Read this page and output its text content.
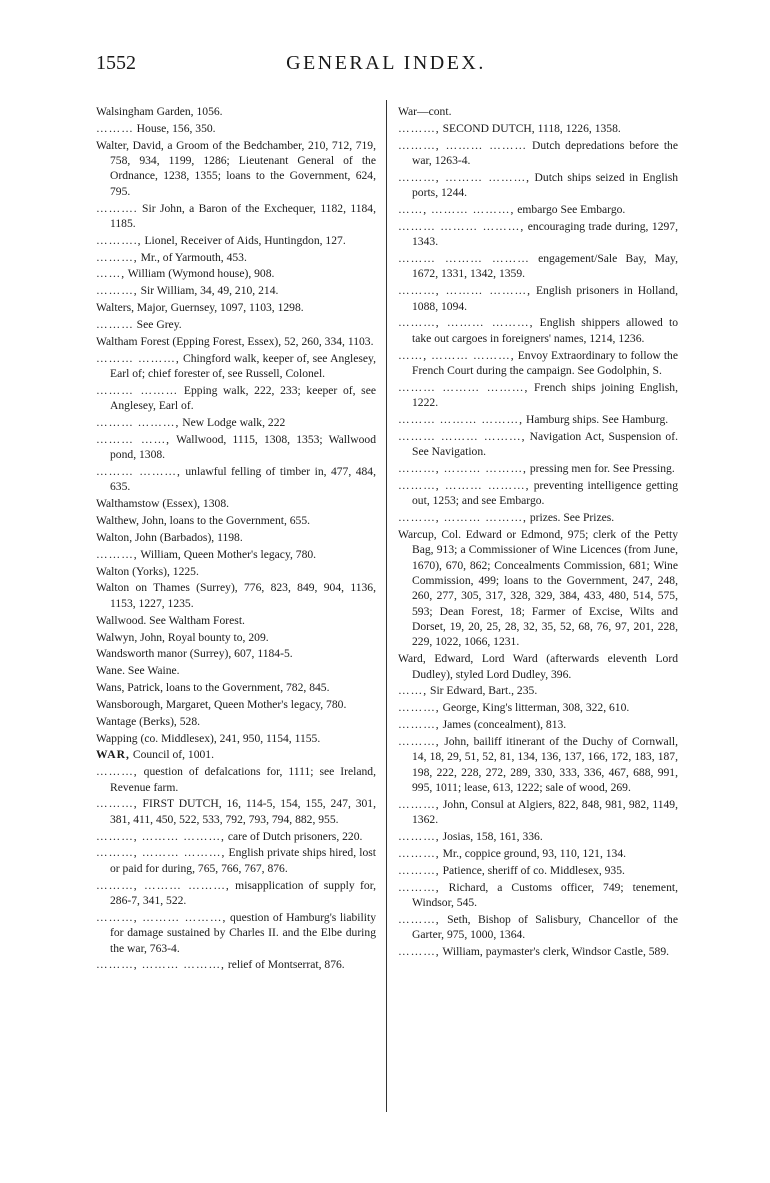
1552	GENERAL INDEX.

Walsingham Garden, 1056.

……… House, 156, 350.

Walter, David, a Groom of the Bedchamber, 210, 712, 719, 758, 934, 1199, 1286; Lieutenant General of the Ordnance, 1238, 1355; loans to the Government, 624, 795.

………. Sir John, a Baron of the Exchequer, 1182, 1184, 1185.

………., Lionel, Receiver of Aids, Huntingdon, 127.

………, Mr., of Yarmouth, 453.

……, William (Wymond house), 908.

………, Sir William, 34, 49, 210, 214.

Walters, Major, Guernsey, 1097, 1103, 1298.

……… See Grey.

Waltham Forest (Epping Forest, Essex), 52, 260, 334, 1103.

……… ………, Chingford walk, keeper of, see Anglesey, Earl of; chief forester of, see Russell, Colonel.

……… ……… Epping walk, 222, 233; keeper of, see Anglesey, Earl of.

……… ………, New Lodge walk, 222

……… ……, Wallwood, 1115, 1308, 1353; Wallwood pond, 1308.

……… ………, unlawful felling of timber in, 477, 484, 635.

Walthamstow (Essex), 1308.

Walthew, John, loans to the Government, 655.

Walton, John (Barbados), 1198.

………, William, Queen Mother's legacy, 780.

Walton (Yorks), 1225.

Walton on Thames (Surrey), 776, 823, 849, 904, 1136, 1153, 1227, 1235.

Wallwood. See Waltham Forest.

Walwyn, John, Royal bounty to, 209.

Wandsworth manor (Surrey), 607, 1184-5.

Wane. See Waine.

Wans, Patrick, loans to the Government, 782, 845.

Wansborough, Margaret, Queen Mother's legacy, 780.

Wantage (Berks), 528.

Wapping (co. Middlesex), 241, 950, 1154, 1155.

WAR, Council of, 1001.

………, question of defalcations for, 1111; see Ireland, Revenue farm.

………, FIRST DUTCH, 16, 114-5, 154, 155, 247, 301, 381, 411, 450, 522, 533, 792, 793, 794, 882, 955.

………, ……… ………, care of Dutch prisoners, 220.

………, ……… ………, English private ships hired, lost or paid for during, 765, 766, 767, 876.

………, ……… ………, misapplication of supply for, 286-7, 341, 522.

………, ……… ………, question of Hamburg's liability for damage sustained by Charles II. and the Elbe during the war, 763-4.

………, ……… ………, relief of Montserrat, 876.

War—cont.

………, SECOND DUTCH, 1118, 1226, 1358.

………, ……… ……… Dutch depredations before the war, 1263-4.

………, ……… ………, Dutch ships seized in English ports, 1244.

……, ……… ………, embargo See Embargo.

……… ……… ………, encouraging trade during, 1297, 1343.

……… ……… ……… engagement/Sale Bay, May, 1672, 1331, 1342, 1359.

………, ……… ………, English prisoners in Holland, 1088, 1094.

………, ……… ………, English shippers allowed to take out cargoes in foreigners' names, 1214, 1236.

……, ……… ………, Envoy Extraordinary to follow the French Court during the campaign. See Godolphin, S.

……… ……… ………, French ships joining English, 1222.

……… ……… ………, Hamburg ships. See Hamburg.

……… ……… ………, Navigation Act, Suspension of. See Navigation.

………, ……… ………, pressing men for. See Pressing.

………, ……… ………, preventing intelligence getting out, 1253; and see Embargo.

………, ……… ………, prizes. See Prizes.

Warcup, Col. Edward or Edmond, 975; clerk of the Petty Bag, 913; a Commissioner of Wine Licences (from June, 1670), 670, 862; Concealments Commission, 681; Wine Commission, 499; loans to the Government, 247, 248, 260, 277, 305, 317, 328, 329, 384, 433, 480, 514, 575, 593; Dean Forest, 18; Farmer of Excise, Wilts and Dorset, 19, 20, 25, 28, 32, 35, 52, 68, 76, 97, 201, 228, 229, 1022, 1066, 1231.

Ward, Edward, Lord Ward (afterwards eleventh Lord Dudley), styled Lord Dudley, 396.

……, Sir Edward, Bart., 235.

………, George, King's litterman, 308, 322, 610.

………, James (concealment), 813.

………, John, bailiff itinerant of the Duchy of Cornwall, 14, 18, 29, 51, 52, 81, 134, 136, 137, 166, 172, 183, 187, 198, 222, 228, 272, 289, 330, 333, 336, 467, 688, 991, 995, 1011; lease, 613, 1222; sale of wood, 269.

………, John, Consul at Algiers, 822, 848, 981, 982, 1149, 1362.

………, Josias, 158, 161, 336.

………, Mr., coppice ground, 93, 110, 121, 134.

………, Patience, sheriff of co. Middlesex, 935.

………, Richard, a Customs officer, 749; tenement, Windsor, 545.

………, Seth, Bishop of Salisbury, Chancellor of the Garter, 975, 1000, 1364.

………, William, paymaster's clerk, Windsor Castle, 589.
